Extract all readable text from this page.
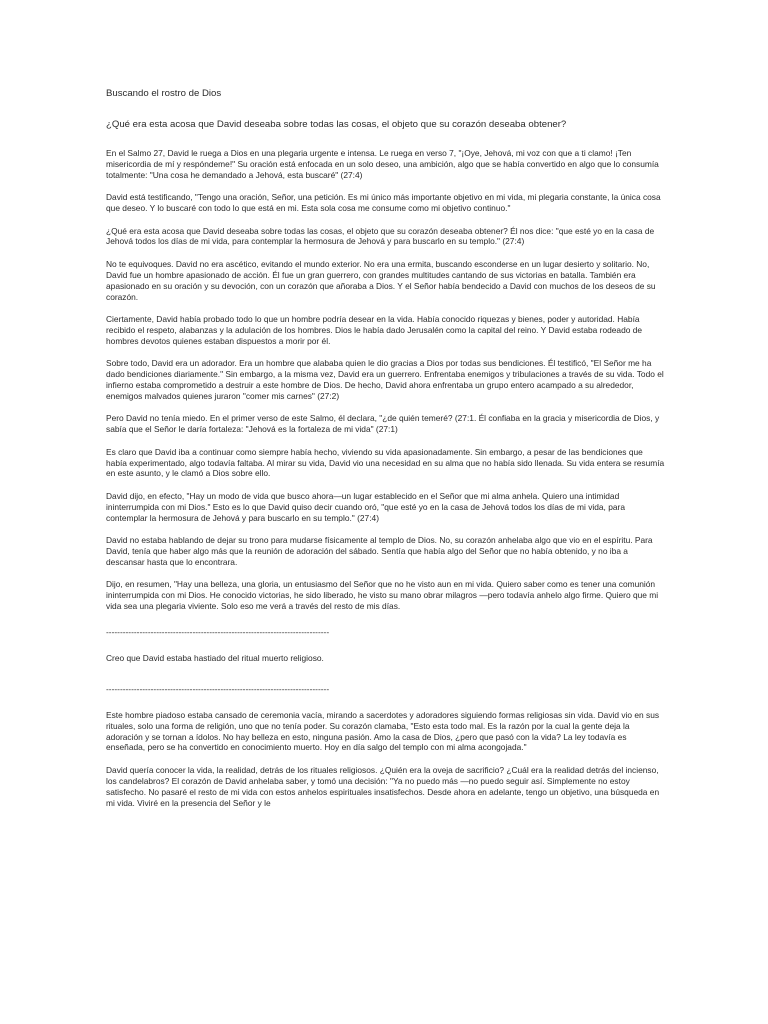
Buscando el rostro de Dios
¿Qué era esta acosa que David deseaba sobre todas las cosas, el objeto que su corazón deseaba obtener?

En el Salmo 27, David le ruega a Dios en una plegaria urgente e intensa. Le ruega en verso 7, "¡Oye, Jehová, mi voz con que a ti clamo! ¡Ten misericordia de mí y respóndeme!" Su oración está enfocada en un solo deseo, una ambición, algo que se había convertido en algo que lo consumía totalmente: "Una cosa he demandado a Jehová, esta buscaré" (27:4)

David está testificando, "Tengo una oración, Señor, una petición. Es mi único más importante objetivo en mi vida, mi plegaria constante, la única cosa que deseo. Y lo buscaré con todo lo que está en mi. Esta sola cosa me consume como mi objetivo continuo."

¿Qué era esta acosa que David deseaba sobre todas las cosas, el objeto que su corazón deseaba obtener? Él nos dice: "que esté yo en la casa de Jehová todos los días de mi vida, para contemplar la hermosura de Jehová y para buscarlo en su templo." (27:4)

No te equivoques. David no era ascético, evitando el mundo exterior. No era una ermita, buscando esconderse en un lugar desierto y solitario. No, David fue un hombre apasionado de acción. Él fue un gran guerrero, con grandes multitudes cantando de sus victorias en batalla. También era apasionado en su oración y su devoción, con un corazón que añoraba a Dios. Y el Señor había bendecido a David con muchos de los deseos de su corazón.

Ciertamente, David había probado todo lo que un hombre podría desear en la vida. Había conocido riquezas y bienes, poder y autoridad. Había recibido el respeto, alabanzas y la adulación de los hombres. Dios le había dado Jerusalén como la capital del reino. Y David estaba rodeado de hombres devotos quienes estaban dispuestos a morir por él.

Sobre todo, David era un adorador. Era un hombre que alababa quien le dio gracias a Dios por todas sus bendiciones. Él testificó, "El Señor me ha dado bendiciones diariamente." Sin embargo, a la misma vez, David era un guerrero. Enfrentaba enemigos y tribulaciones a través de su vida. Todo el infierno estaba comprometido a destruir a este hombre de Dios. De hecho, David ahora enfrentaba un grupo entero acampado a su alrededor, enemigos malvados quienes juraron "comer mis carnes" (27:2)

Pero David no tenía miedo. En el primer verso de este Salmo, él declara, "¿de quién temeré? (27:1. Él confiaba en la gracia y misericordia de Dios, y sabía que el Señor le daría fortaleza: "Jehová es la fortaleza de mi vida" (27:1)

Es claro que David iba a continuar como siempre había hecho, viviendo su vida apasionadamente. Sin embargo, a pesar de las bendiciones que había experimentado, algo todavía faltaba. Al mirar su vida, David vio una necesidad en su alma que no había sido llenada. Su vida entera se resumía en este asunto, y le clamó a Dios sobre ello.

David dijo, en efecto, "Hay un modo de vida que busco ahora—un lugar establecido en el Señor que mi alma anhela. Quiero una intimidad ininterrumpida con mi Dios." Esto es lo que David quiso decir cuando oró, "que esté yo en la casa de Jehová todos los días de mi vida, para contemplar la hermosura de Jehová y para buscarlo en su templo." (27:4)

David no estaba hablando de dejar su trono para mudarse físicamente al templo de Dios. No, su corazón anhelaba algo que vio en el espíritu. Para David, tenía que haber algo más que la reunión de adoración del sábado. Sentía que había algo del Señor que no había obtenido, y no iba a descansar hasta que lo encontrara.

Dijo, en resumen, "Hay una belleza, una gloria, un entusiasmo del Señor que no he visto aun en mi vida. Quiero saber como es tener una comunión ininterrumpida con mi Dios. He conocido victorias, he sido liberado, he visto su mano obrar milagros —pero todavía anhelo algo firme. Quiero que mi vida sea una plegaria viviente. Solo eso me verá a través del resto de mis días.

--------------------------------------------------------------------------------
Creo que David estaba hastiado del ritual muerto religioso.
--------------------------------------------------------------------------------

Este hombre piadoso estaba cansado de ceremonia vacía, mirando a sacerdotes y adoradores siguiendo formas religiosas sin vida. David vio en sus rituales, solo una forma de religión, uno que no tenía poder. Su corazón clamaba, "Esto esta todo mal. Es la razón por la cual la gente deja la adoración y se tornan a ídolos. No hay belleza en esto, ninguna pasión. Amo la casa de Dios, ¿pero que pasó con la vida? La ley todavía es enseñada, pero se ha convertido en conocimiento muerto. Hoy en día salgo del templo con mi alma acongojada."

David quería conocer la vida, la realidad, detrás de los rituales religiosos. ¿Quién era la oveja de sacrificio? ¿Cuál era la realidad detrás del incienso, los candelabros? El corazón de David anhelaba saber, y tomó una decisión: "Ya no puedo más —no puedo seguir así. Simplemente no estoy satisfecho. No pasaré el resto de mi vida con estos anhelos espirituales insatisfechos. Desde ahora en adelante, tengo un objetivo, una búsqueda en mi vida. Viviré en la presencia del Señor y le
